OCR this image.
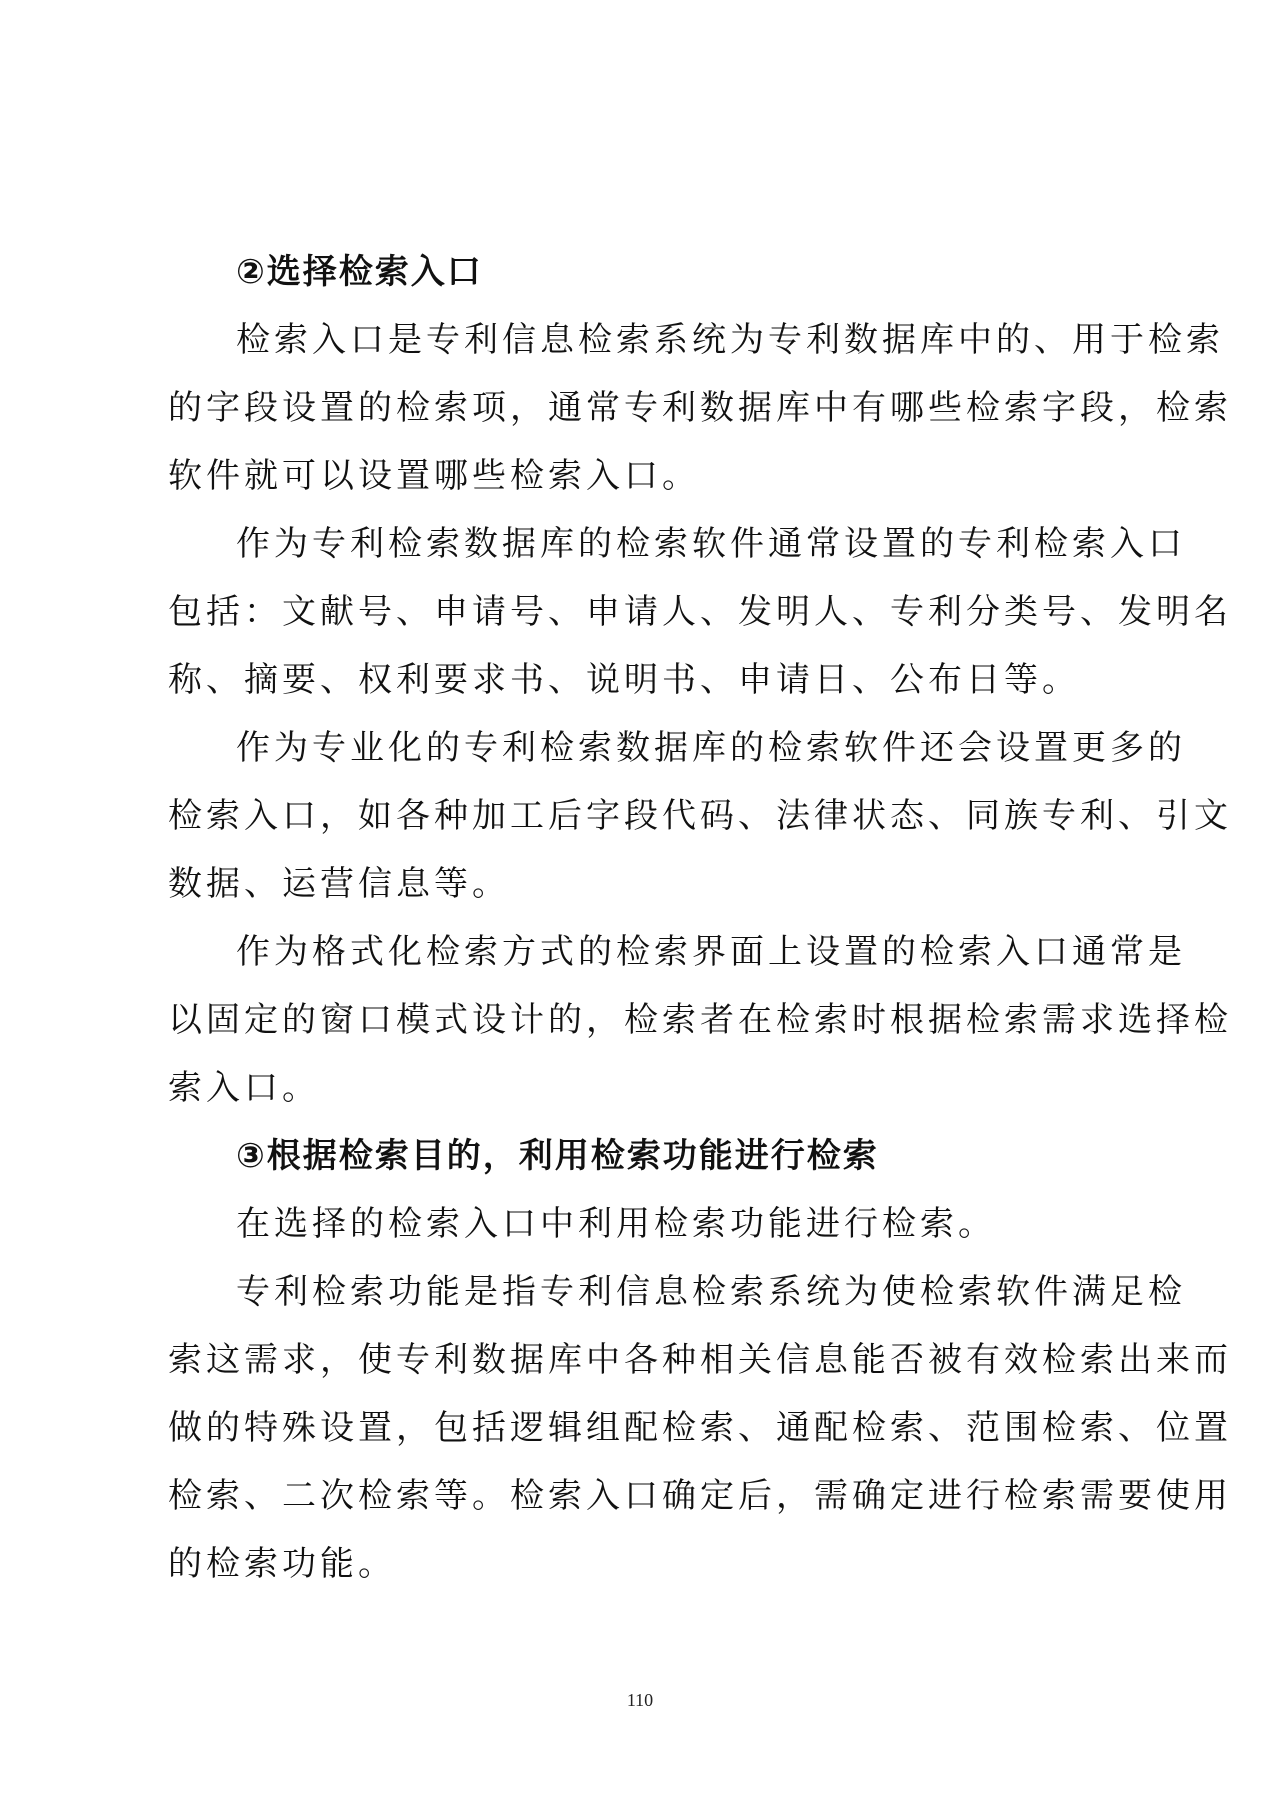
②选择检索入口

检索入口是专利信息检索系统为专利数据库中的、用于检索

的字段设置的检索项，通常专利数据库中有哪些检索字段，检索

软件就可以设置哪些检索入口。

作为专利检索数据库的检索软件通常设置的专利检索入口

包括：文献号、申请号、申请人、发明人、专利分类号、发明名

称、摘要、权利要求书、说明书、申请日、公布日等。

作为专业化的专利检索数据库的检索软件还会设置更多的

检索入口，如各种加工后字段代码、法律状态、同族专利、引文

数据、运营信息等。

作为格式化检索方式的检索界面上设置的检索入口通常是

以固定的窗口模式设计的，检索者在检索时根据检索需求选择检

索入口。

③根据检索目的，利用检索功能进行检索

在选择的检索入口中利用检索功能进行检索。

专利检索功能是指专利信息检索系统为使检索软件满足检

索这需求，使专利数据库中各种相关信息能否被有效检索出来而

做的特殊设置，包括逻辑组配检索、通配检索、范围检索、位置

检索、二次检索等。检索入口确定后，需确定进行检索需要使用

的检索功能。

110
